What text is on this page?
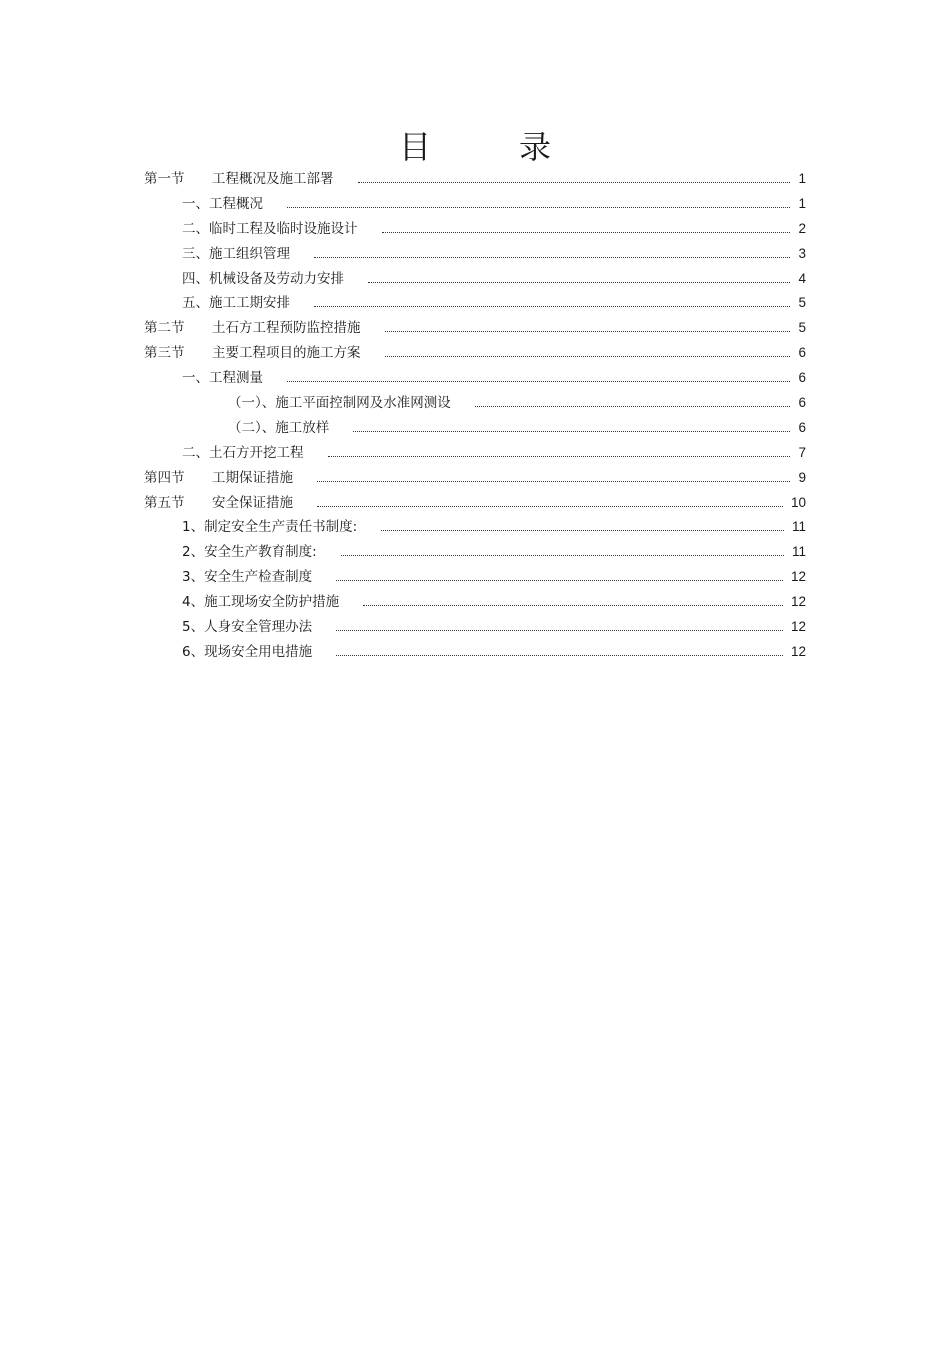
目　录
第一节 工程概况及施工部署	1
一、工程概况	1
二、临时工程及临时设施设计	2
三、施工组织管理	3
四、机械设备及劳动力安排	4
五、施工工期安排	5
第二节 土石方工程预防监控措施	5
第三节 主要工程项目的施工方案	6
一、工程测量	6
（一）、施工平面控制网及水准网测设	6
（二）、施工放样	6
二、土石方开挖工程	7
第四节 工期保证措施	9
第五节 安全保证措施	10
1、制定安全生产责任书制度:	11
2、安全生产教育制度:	11
3、安全生产检查制度	12
4、施工现场安全防护措施	12
5、人身安全管理办法	12
6、现场安全用电措施	12
